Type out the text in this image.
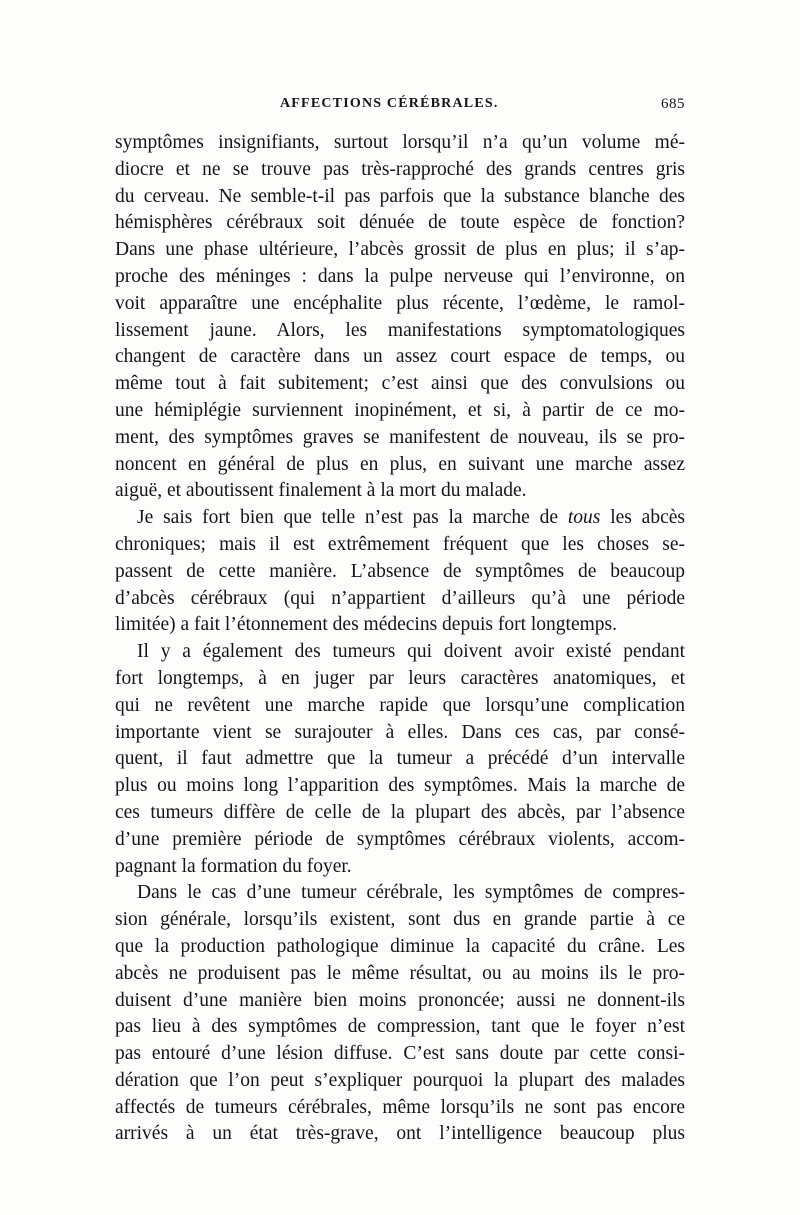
AFFECTIONS CÉRÉBRALES.	685
symptômes insignifiants, surtout lorsqu’il n’a qu’un volume mé-
diocre et ne se trouve pas très-rapproché des grands centres gris
du cerveau. Ne semble-t-il pas parfois que la substance blanche des
hémisphères cérébraux soit dénuée de toute espèce de fonction?
Dans une phase ultérieure, l’abcès grossit de plus en plus; il s’ap-
proche des méninges : dans la pulpe nerveuse qui l’environne, on
voit apparaître une encéphalite plus récente, l’œdème, le ramol-
lissement jaune. Alors, les manifestations symptomatologiques
changent de caractère dans un assez court espace de temps, ou
même tout à fait subitement; c’est ainsi que des convulsions ou
une hémiplégie surviennent inopinément, et si, à partir de ce mo-
ment, des symptômes graves se manifestent de nouveau, ils se pro-
noncent en général de plus en plus, en suivant une marche assez
aiguë, et aboutissent finalement à la mort du malade.
Je sais fort bien que telle n’est pas la marche de tous les abcès
chroniques; mais il est extrêmement fréquent que les choses se-
passent de cette manière. L’absence de symptômes de beaucoup
d’abcès cérébraux (qui n’appartient d’ailleurs qu’à une période
limitée) a fait l’étonnement des médecins depuis fort longtemps.
Il y a également des tumeurs qui doivent avoir existé pendant
fort longtemps, à en juger par leurs caractères anatomiques, et
qui ne revêtent une marche rapide que lorsqu’une complication
importante vient se surajouter à elles. Dans ces cas, par consé-
quent, il faut admettre que la tumeur a précédé d’un intervalle
plus ou moins long l’apparition des symptômes. Mais la marche de
ces tumeurs diffère de celle de la plupart des abcès, par l’absence
d’une première période de symptômes cérébraux violents, accom-
pagnant la formation du foyer.
Dans le cas d’une tumeur cérébrale, les symptômes de compres-
sion générale, lorsqu’ils existent, sont dus en grande partie à ce
que la production pathologique diminue la capacité du crâne. Les
abcès ne produisent pas le même résultat, ou au moins ils le pro-
duisent d’une manière bien moins prononcée; aussi ne donnent-ils
pas lieu à des symptômes de compression, tant que le foyer n’est
pas entouré d’une lésion diffuse. C’est sans doute par cette consi-
dération que l’on peut s’expliquer pourquoi la plupart des malades
affectés de tumeurs cérébrales, même lorsqu’ils ne sont pas encore
arrivés à un état très-grave, ont l’intelligence beaucoup plus
